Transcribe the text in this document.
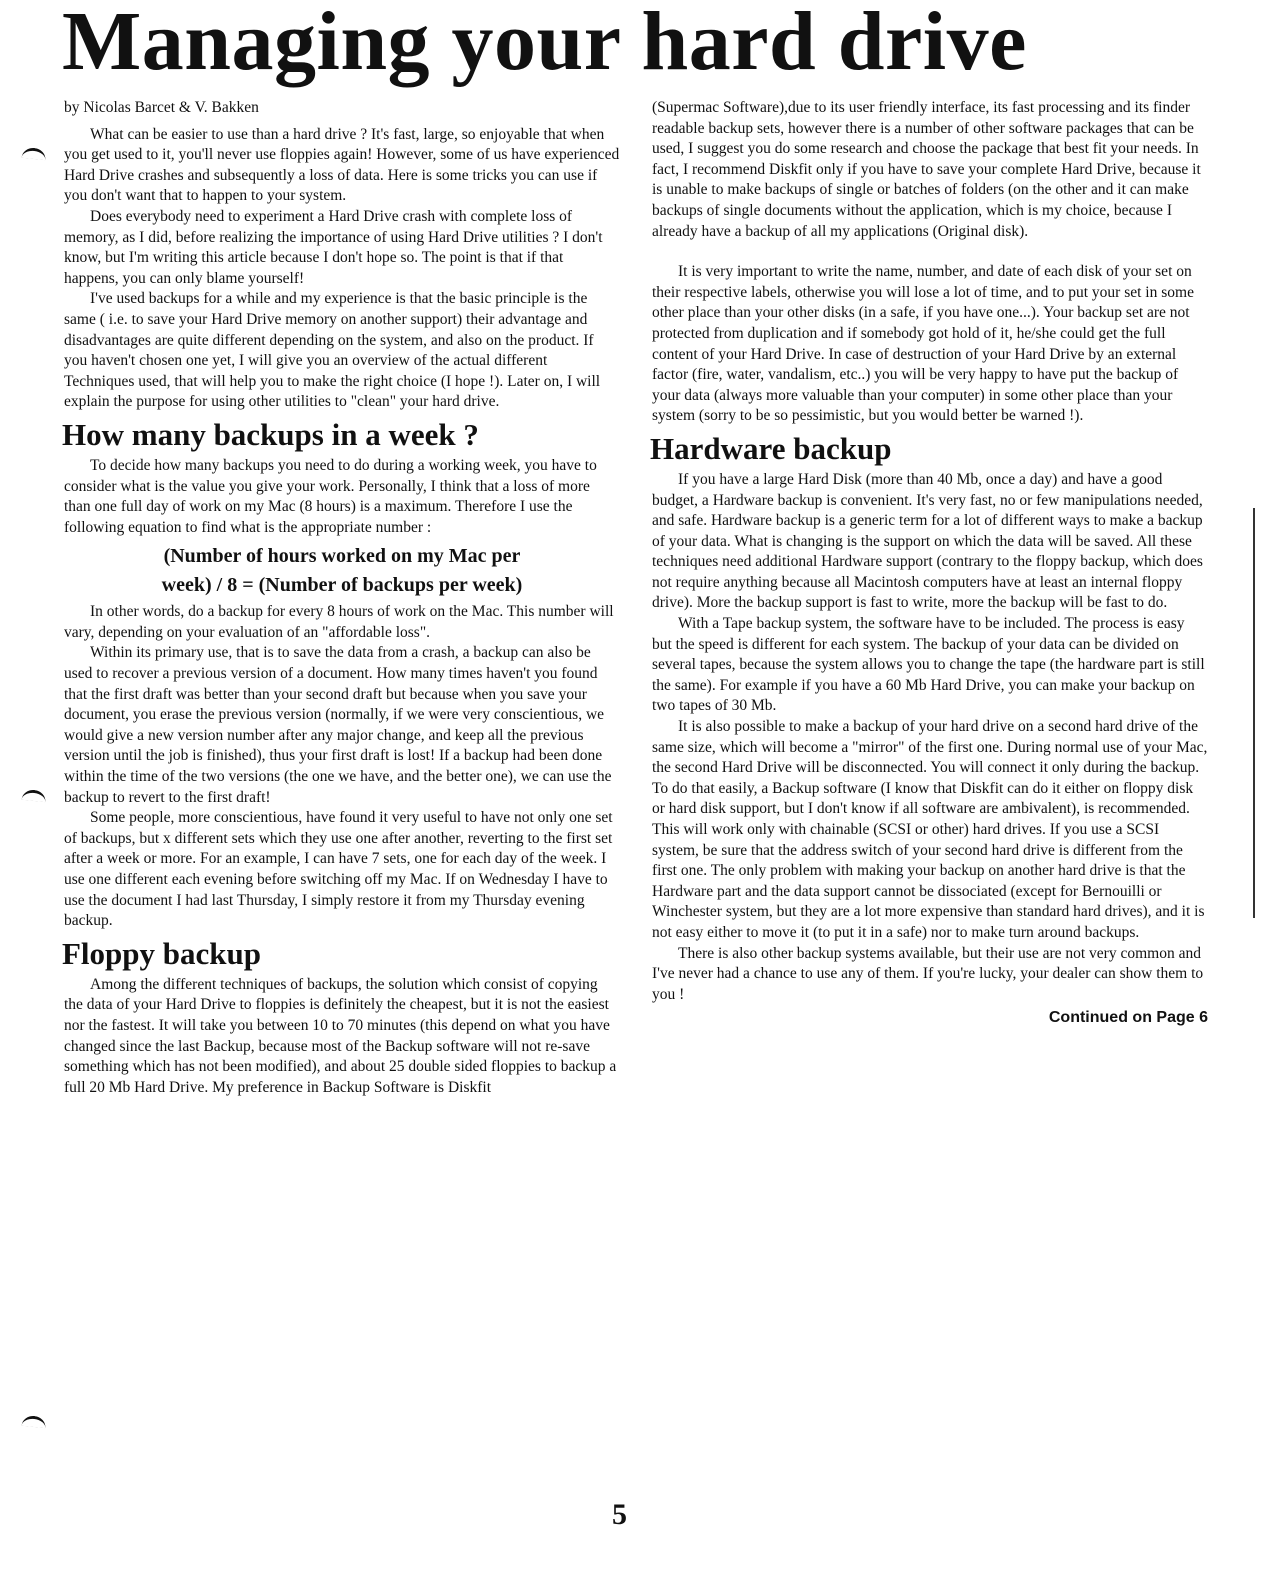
Managing your hard drive

by Nicolas Barcet & V. Bakken

What can be easier to use than a hard drive ? It's fast, large, so enjoyable that when you get used to it, you'll never use floppies again! However, some of us have experienced Hard Drive crashes and subsequently a loss of data. Here is some tricks you can use if you don't want that to happen to your system.

Does everybody need to experiment a Hard Drive crash with complete loss of memory, as I did, before realizing the importance of using Hard Drive utilities ? I don't know, but I'm writing this article because I don't hope so. The point is that if that happens, you can only blame yourself!

I've used backups for a while and my experience is that the basic principle is the same ( i.e. to save your Hard Drive memory on another support) their advantage and disadvantages are quite different depending on the system, and also on the product. If you haven't chosen one yet, I will give you an overview of the actual different Techniques used, that will help you to make the right choice (I hope !). Later on, I will explain the purpose for using other utilities to "clean" your hard drive.

How many backups in a week ?

To decide how many backups you need to do during a working week, you have to consider what is the value you give your work. Personally, I think that a loss of more than one full day of work on my Mac (8 hours) is a maximum. Therefore I use the following equation to find what is the appropriate number :

(Number of hours worked on my Mac per
week) / 8 = (Number of backups per week)

In other words, do a backup for every 8 hours of work on the Mac. This number will vary, depending on your evaluation of an "affordable loss".

Within its primary use, that is to save the data from a crash, a backup can also be used to recover a previous version of a document. How many times haven't you found that the first draft was better than your second draft but because when you save your document, you erase the previous version (normally, if we were very conscientious, we would give a new version number after any major change, and keep all the previous version until the job is finished), thus your first draft is lost! If a backup had been done within the time of the two versions (the one we have, and the better one), we can use the backup to revert to the first draft!

Some people, more conscientious, have found it very useful to have not only one set of backups, but x different sets which they use one after another, reverting to the first set after a week or more. For an example, I can have 7 sets, one for each day of the week. I use one different each evening before switching off my Mac. If on Wednesday I have to use the document I had last Thursday, I simply restore it from my Thursday evening backup.

Floppy backup

Among the different techniques of backups, the solution which consist of copying the data of your Hard Drive to floppies is definitely the cheapest, but it is not the easiest nor the fastest. It will take you between 10 to 70 minutes (this depend on what you have changed since the last Backup, because most of the Backup software will not re-save something which has not been modified), and about 25 double sided floppies to backup a full 20 Mb Hard Drive. My preference in Backup Software is Diskfit

(Supermac Software),due to its user friendly interface, its fast processing and its finder readable backup sets, however there is a number of other software packages that can be used, I suggest you do some research and choose the package that best fit your needs. In fact, I recommend Diskfit only if you have to save your complete Hard Drive, because it is unable to make backups of single or batches of folders (on the other and it can make backups of single documents without the application, which is my choice, because I already have a backup of all my applications (Original disk).

It is very important to write the name, number, and date of each disk of your set on their respective labels, otherwise you will lose a lot of time, and to put your set in some other place than your other disks (in a safe, if you have one...). Your backup set are not protected from duplication and if somebody got hold of it, he/she could get the full content of your Hard Drive. In case of destruction of your Hard Drive by an external factor (fire, water, vandalism, etc..) you will be very happy to have put the backup of your data (always more valuable than your computer) in some other place than your system (sorry to be so pessimistic, but you would better be warned !).

Hardware backup

If you have a large Hard Disk (more than 40 Mb, once a day) and have a good budget, a Hardware backup is convenient. It's very fast, no or few manipulations needed, and safe. Hardware backup is a generic term for a lot of different ways to make a backup of your data. What is changing is the support on which the data will be saved. All these techniques need additional Hardware support (contrary to the floppy backup, which does not require anything because all Macintosh computers have at least an internal floppy drive). More the backup support is fast to write, more the backup will be fast to do.

With a Tape backup system, the software have to be included. The process is easy but the speed is different for each system. The backup of your data can be divided on several tapes, because the system allows you to change the tape (the hardware part is still the same). For example if you have a 60 Mb Hard Drive, you can make your backup on two tapes of 30 Mb.

It is also possible to make a backup of your hard drive on a second hard drive of the same size, which will become a "mirror" of the first one. During normal use of your Mac, the second Hard Drive will be disconnected. You will connect it only during the backup. To do that easily, a Backup software (I know that Diskfit can do it either on floppy disk or hard disk support, but I don't know if all software are ambivalent), is recommended. This will work only with chainable (SCSI or other) hard drives. If you use a SCSI system, be sure that the address switch of your second hard drive is different from the first one. The only problem with making your backup on another hard drive is that the Hardware part and the data support cannot be dissociated (except for Bernouilli or Winchester system, but they are a lot more expensive than standard hard drives), and it is not easy either to move it (to put it in a safe) nor to make turn around backups.

There is also other backup systems available, but their use are not very common and I've never had a chance to use any of them. If you're lucky, your dealer can show them to you !

Continued on Page 6
5
